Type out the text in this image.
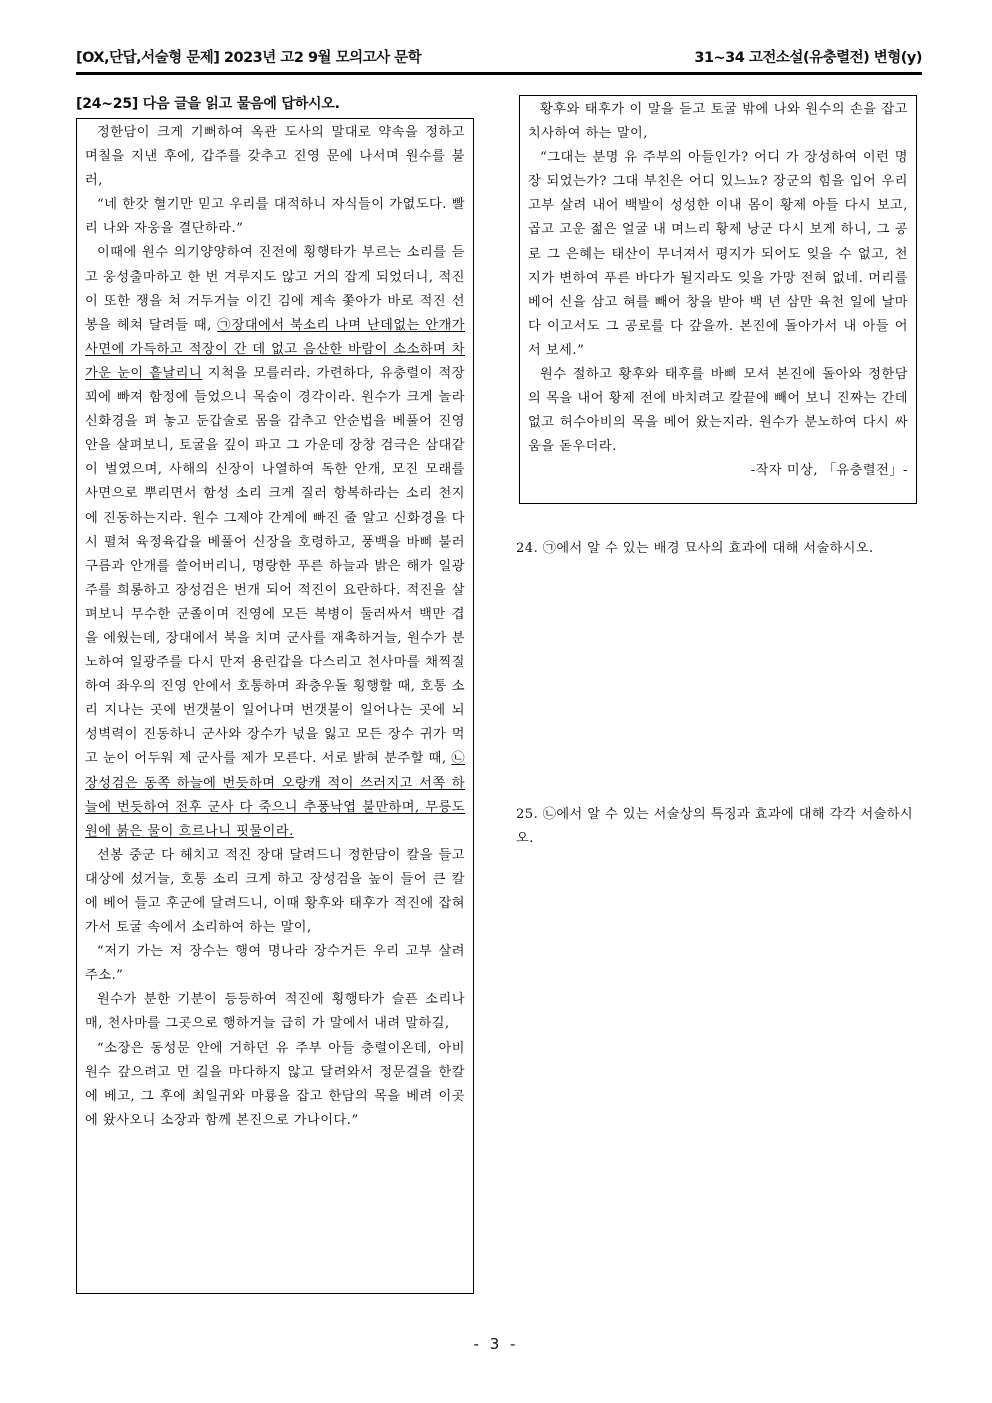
[OX,단답,서술형 문제] 2023년 고2 9월 모의고사 문학	31~34 고전소설(유충렬전) 변형(y)
[24~25] 다음 글을 읽고 물음에 답하시오.

정한담이 크게 기뻐하여 옥관 도사의 말대로 약속을 정하고 며칠을 지낸 후에, 갑주를 갖추고 진영 문에 나서며 원수를 불러,

“네 한갓 혈기만 믿고 우리를 대적하니 자식들이 가엾도다. 빨리 나와 자웅을 결단하라.”

이때에 원수 의기양양하여 진전에 횡행타가 부르는 소리를 듣고 웅성출마하고 한 번 겨루지도 않고 거의 잡게 되었더니, 적진이 또한 쟁을 쳐 거두거늘 이긴 김에 계속 쫓아가 바로 적진 선봉을 헤쳐 달려들 때, ㉠장대에서 북소리 나며 난데없는 안개가 사면에 가득하고 적장이 간 데 없고 음산한 바람이 소소하며 차가운 눈이 흩날리니 지척을 모를러라. 가련하다, 유충렬이 적장 꾀에 빠져 함정에 들었으니 목숨이 경각이라. 원수가 크게 놀라 신화경을 펴 놓고 둔갑술로 몸을 감추고 안순법을 베풀어 진영 안을 살펴보니, 토굴을 깊이 파고 그 가운데 장창 검극은 삼대같이 벌였으며, 사해의 신장이 나열하여 독한 안개, 모진 모래를 사면으로 뿌리면서 함성 소리 크게 질러 항복하라는 소리 천지에 진동하는지라. 원수 그제야 간계에 빠진 줄 알고 신화경을 다시 펼쳐 육정육갑을 베풀어 신장을 호령하고, 풍백을 바삐 불러 구름과 안개를 쓸어버리니, 명랑한 푸른 하늘과 밝은 해가 일광주를 희롱하고 장성검은 번개 되어 적진이 요란하다. 적진을 살펴보니 무수한 군졸이며 진영에 모든 복병이 둘러싸서 백만 겹을 에웠는데, 장대에서 북을 치며 군사를 재촉하거늘, 원수가 분노하여 일광주를 다시 만져 용린갑을 다스리고 천사마를 채찍질하여 좌우의 진영 안에서 호통하며 좌충우돌 횡행할 때, 호통 소리 지나는 곳에 번갯불이 일어나며 번갯불이 일어나는 곳에 뇌성벽력이 진동하니 군사와 장수가 넋을 잃고 모든 장수 귀가 먹고 눈이 어두워 제 군사를 제가 모른다. 서로 밝혀 분주할 때, ㉡장성검은 동쪽 하늘에 번듯하며 오랑캐 적이 쓰러지고 서쪽 하늘에 번듯하여 전후 군사 다 죽으니 추풍낙엽 불만하며, 무릉도원에 붉은 물이 흐르나니 핏물이라.

선봉 중군 다 헤치고 적진 장대 달려드니 정한담이 칼을 들고 대상에 섰거늘, 호통 소리 크게 하고 장성검을 높이 들어 큰 칼에 베어 들고 후군에 달려드니, 이때 황후와 태후가 적진에 잡혀가서 토굴 속에서 소리하여 하는 말이,

“저기 가는 저 장수는 행여 명나라 장수거든 우리 고부 살려 주소.”

원수가 분한 기분이 등등하여 적진에 횡행타가 슬픈 소리나매, 천사마를 그곳으로 행하거늘 급히 가 말에서 내려 말하길,

“소장은 동성문 안에 거하던 유 주부 아들 충렬이온데, 아비 원수 갚으려고 먼 길을 마다하지 않고 달려와서 정문걸을 한칼에 베고, 그 후에 최일귀와 마룡을 잡고 한담의 목을 베려 이곳에 왔사오니 소장과 함께 본진으로 가나이다.”

황후와 태후가 이 말을 듣고 토굴 밖에 나와 원수의 손을 잡고 치사하여 하는 말이,

“그대는 분명 유 주부의 아들인가? 어디 가 장성하여 이런 명장 되었는가? 그대 부친은 어디 있느뇨? 장군의 힘을 입어 우리 고부 살려 내어 백발이 성성한 이내 몸이 황제 아들 다시 보고, 곱고 고운 젊은 얼굴 내 며느리 황제 낭군 다시 보게 하니, 그 공로 그 은혜는 태산이 무너져서 평지가 되어도 잊을 수 없고, 천지가 변하여 푸른 바다가 될지라도 잊을 가망 전혀 없네. 머리를 베어 신을 삼고 혀를 빼어 창을 받아 백 년 삼만 육천 일에 날마다 이고서도 그 공로를 다 갚을까. 본진에 돌아가서 내 아들 어서 보세.”

원수 절하고 황후와 태후를 바삐 모셔 본진에 돌아와 정한담의 목을 내어 황제 전에 바치려고 칼끝에 빼어 보니 진짜는 간데없고 허수아비의 목을 베어 왔는지라. 원수가 분노하여 다시 싸움을 돋우더라.

-작자 미상, 「유충렬전」-
24. ㉠에서 알 수 있는 배경 묘사의 효과에 대해 서술하시오.
25. ㉡에서 알 수 있는 서술상의 특징과 효과에 대해 각각 서술하시오.
- 3 -
